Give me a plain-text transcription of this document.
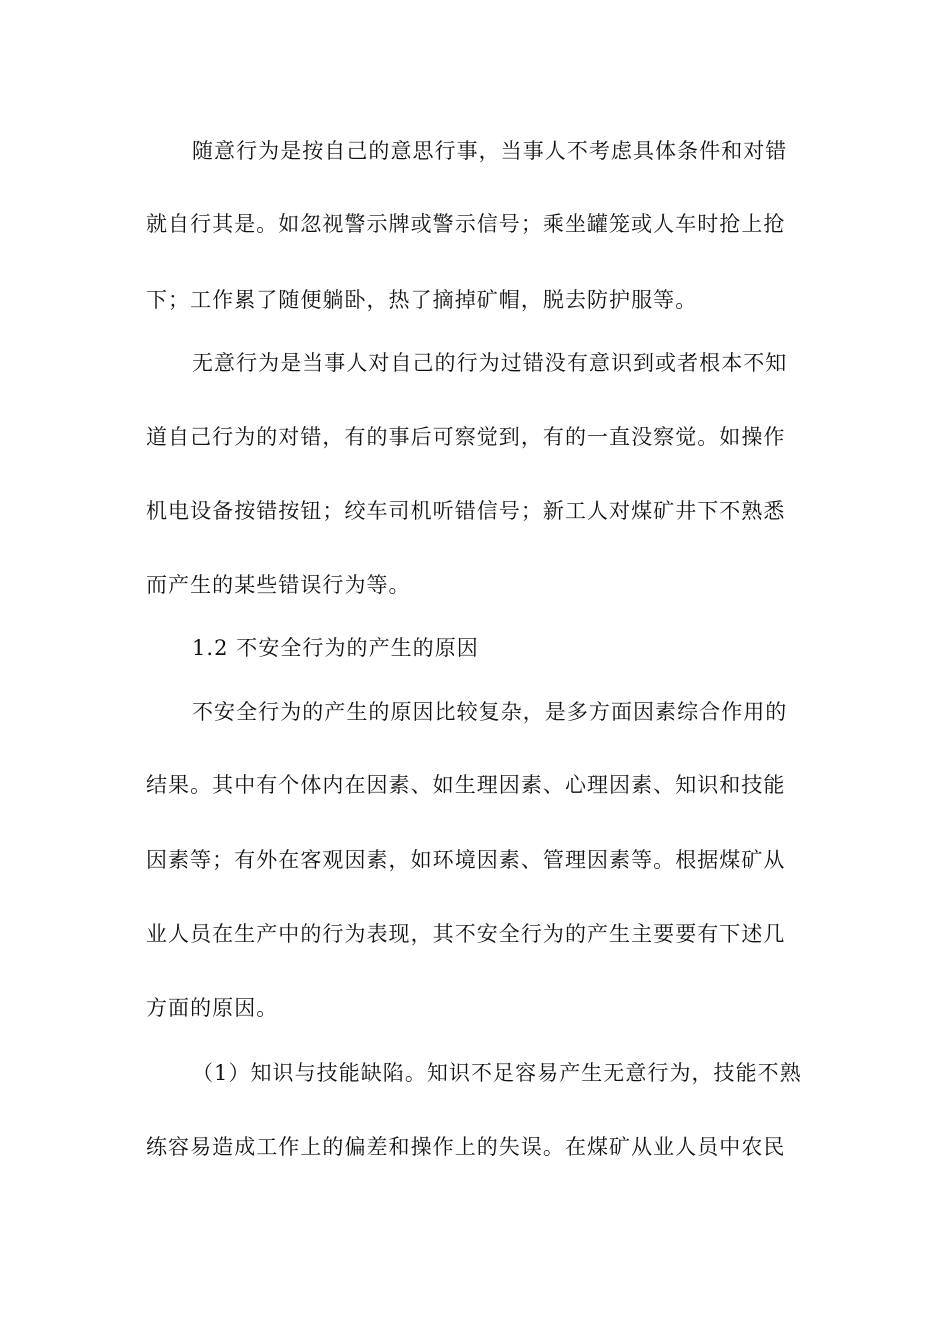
随意行为是按自己的意思行事，当事人不考虑具体条件和对错
就自行其是。如忽视警示牌或警示信号；乘坐罐笼或人车时抢上抢
下；工作累了随便躺卧，热了摘掉矿帽，脱去防护服等。
无意行为是当事人对自己的行为过错没有意识到或者根本不知
道自己行为的对错，有的事后可察觉到，有的一直没察觉。如操作
机电设备按错按钮；绞车司机听错信号；新工人对煤矿井下不熟悉
而产生的某些错误行为等。
1.2 不安全行为的产生的原因
不安全行为的产生的原因比较复杂，是多方面因素综合作用的
结果。其中有个体内在因素、如生理因素、心理因素、知识和技能
因素等；有外在客观因素，如环境因素、管理因素等。根据煤矿从
业人员在生产中的行为表现，其不安全行为的产生主要要有下述几
方面的原因。
（1）知识与技能缺陷。知识不足容易产生无意行为，技能不熟
练容易造成工作上的偏差和操作上的失误。在煤矿从业人员中农民
